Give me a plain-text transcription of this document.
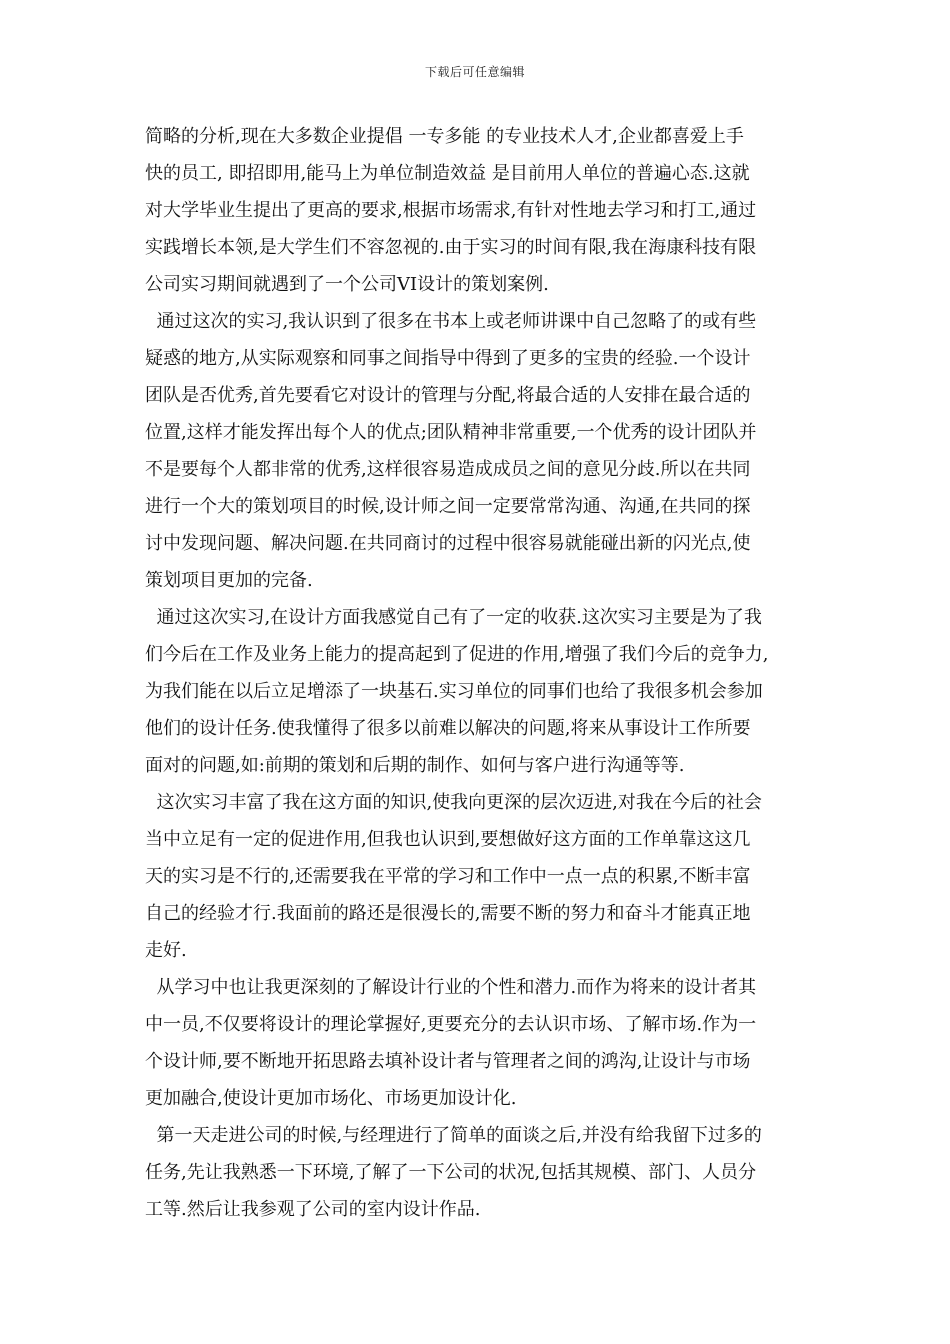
下载后可任意编辑
简略的分析,现在大多数企业提倡 一专多能 的专业技术人才,企业都喜爱上手
快的员工, 即招即用,能马上为单位制造效益 是目前用人单位的普遍心态.这就
对大学毕业生提出了更高的要求,根据市场需求,有针对性地去学习和打工,通过
实践增长本领,是大学生们不容忽视的.由于实习的时间有限,我在海康科技有限
公司实习期间就遇到了一个公司VI设计的策划案例.
通过这次的实习,我认识到了很多在书本上或老师讲课中自己忽略了的或有些
疑惑的地方,从实际观察和同事之间指导中得到了更多的宝贵的经验.一个设计
团队是否优秀,首先要看它对设计的管理与分配,将最合适的人安排在最合适的
位置,这样才能发挥出每个人的优点;团队精神非常重要,一个优秀的设计团队并
不是要每个人都非常的优秀,这样很容易造成成员之间的意见分歧.所以在共同
进行一个大的策划项目的时候,设计师之间一定要常常沟通、沟通,在共同的探
讨中发现问题、解决问题.在共同商讨的过程中很容易就能碰出新的闪光点,使
策划项目更加的完备.
通过这次实习,在设计方面我感觉自己有了一定的收获.这次实习主要是为了我
们今后在工作及业务上能力的提高起到了促进的作用,增强了我们今后的竞争力,
为我们能在以后立足增添了一块基石.实习单位的同事们也给了我很多机会参加
他们的设计任务.使我懂得了很多以前难以解决的问题,将来从事设计工作所要
面对的问题,如:前期的策划和后期的制作、如何与客户进行沟通等等.
这次实习丰富了我在这方面的知识,使我向更深的层次迈进,对我在今后的社会
当中立足有一定的促进作用,但我也认识到,要想做好这方面的工作单靠这这几
天的实习是不行的,还需要我在平常的学习和工作中一点一点的积累,不断丰富
自己的经验才行.我面前的路还是很漫长的,需要不断的努力和奋斗才能真正地
走好.
从学习中也让我更深刻的了解设计行业的个性和潜力.而作为将来的设计者其
中一员,不仅要将设计的理论掌握好,更要充分的去认识市场、了解市场.作为一
个设计师,要不断地开拓思路去填补设计者与管理者之间的鸿沟,让设计与市场
更加融合,使设计更加市场化、市场更加设计化.
第一天走进公司的时候,与经理进行了简单的面谈之后,并没有给我留下过多的
任务,先让我熟悉一下环境,了解了一下公司的状况,包括其规模、部门、人员分
工等.然后让我参观了公司的室内设计作品.
